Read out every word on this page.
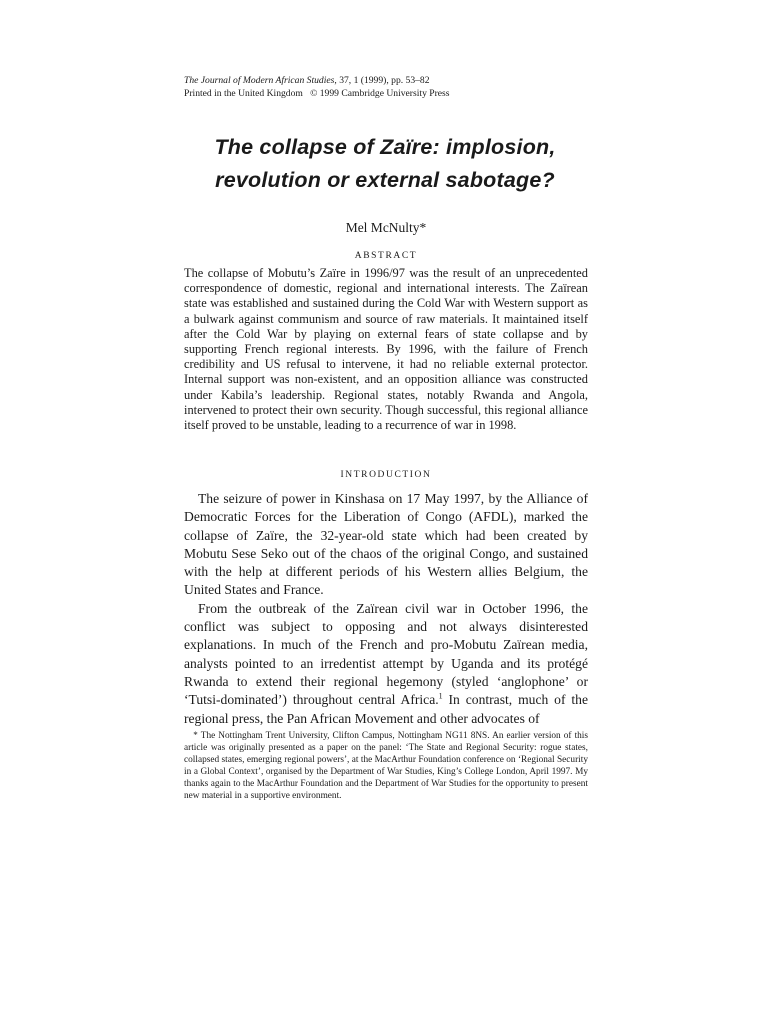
The Journal of Modern African Studies, 37, 1 (1999), pp. 53–82
Printed in the United Kingdom © 1999 Cambridge University Press
The collapse of Zaïre: implosion,
revolution or external sabotage?
Mel McNulty*
ABSTRACT
The collapse of Mobutu’s Zaïre in 1996/97 was the result of an unprecedented correspondence of domestic, regional and international interests. The Zaïrean state was established and sustained during the Cold War with Western support as a bulwark against communism and source of raw materials. It maintained itself after the Cold War by playing on external fears of state collapse and by supporting French regional interests. By 1996, with the failure of French credibility and US refusal to intervene, it had no reliable external protector. Internal support was non-existent, and an opposition alliance was constructed under Kabila’s leadership. Regional states, notably Rwanda and Angola, intervened to protect their own security. Though successful, this regional alliance itself proved to be unstable, leading to a recurrence of war in 1998.
INTRODUCTION

The seizure of power in Kinshasa on 17 May 1997, by the Alliance of Democratic Forces for the Liberation of Congo (AFDL), marked the collapse of Zaïre, the 32-year-old state which had been created by Mobutu Sese Seko out of the chaos of the original Congo, and sustained with the help at different periods of his Western allies Belgium, the United States and France.

From the outbreak of the Zaïrean civil war in October 1996, the conflict was subject to opposing and not always disinterested explanations. In much of the French and pro-Mobutu Zaïrean media, analysts pointed to an irredentist attempt by Uganda and its protégé Rwanda to extend their regional hegemony (styled ‘anglophone’ or ‘Tutsi-dominated’) throughout central Africa.$^1$ In contrast, much of the regional press, the Pan African Movement and other advocates of

* The Nottingham Trent University, Clifton Campus, Nottingham NG11 8NS. An earlier version of this article was originally presented as a paper on the panel: ‘The State and Regional Security: rogue states, collapsed states, emerging regional powers’, at the MacArthur Foundation conference on ‘Regional Security in a Global Context’, organised by the Department of War Studies, King’s College London, April 1997. My thanks again to the MacArthur Foundation and the Department of War Studies for the opportunity to present new material in a supportive environment.
